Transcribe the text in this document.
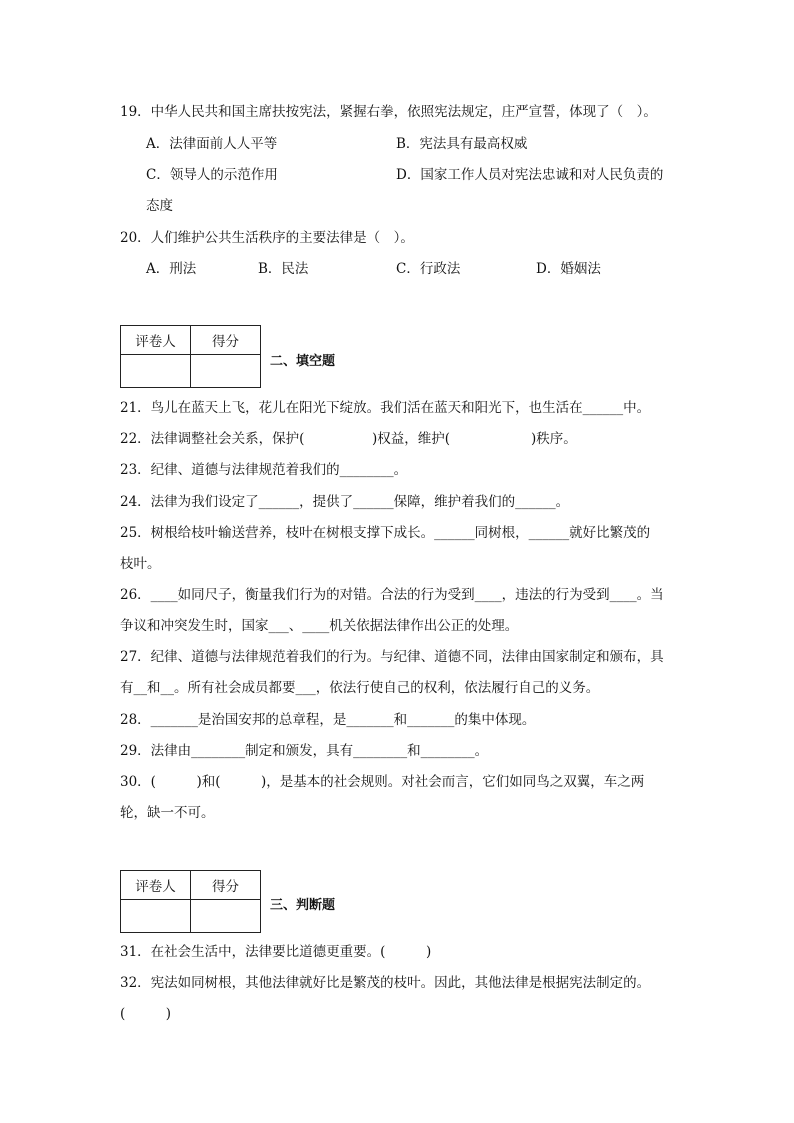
19．中华人民共和国主席扶按宪法，紧握右拳，依照宪法规定，庄严宣誓，体现了（　）。
A．法律面前人人平等	B．宪法具有最高权威
C．领导人的示范作用	D．国家工作人员对宪法忠诚和对人民负责的
态度
20．人们维护公共生活秩序的主要法律是（　）。
A．刑法	B．民法	C．行政法	D．婚姻法
评卷人	得分

二、填空题
21．鸟儿在蓝天上飞，花儿在阳光下绽放。我们活在蓝天和阳光下，也生活在______中。
22．法律调整社会关系，保护(　　　　　)权益，维护(　　　　　　)秩序。
23．纪律、道德与法律规范着我们的________。
24．法律为我们设定了______，提供了______保障，维护着我们的______。
25．树根给枝叶输送营养，枝叶在树根支撑下成长。______同树根，______就好比繁茂的
枝叶。
26．____如同尺子，衡量我们行为的对错。合法的行为受到____，违法的行为受到____。当
争议和冲突发生时，国家___、____机关依据法律作出公正的处理。
27．纪律、道德与法律规范着我们的行为。与纪律、道德不同，法律由国家制定和颁布，具
有__和__。所有社会成员都要___，依法行使自己的权利，依法履行自己的义务。
28．_______是治国安邦的总章程，是_______和_______的集中体现。
29．法律由________制定和颁发，具有________和________。
30．(　　　)和(　　　)，是基本的社会规则。对社会而言，它们如同鸟之双翼，车之两
轮，缺一不可。
评卷人	得分

三、判断题
31．在社会生活中，法律要比道德更重要。(　　　)
32．宪法如同树根，其他法律就好比是繁茂的枝叶。因此，其他法律是根据宪法制定的。
(　　　)
